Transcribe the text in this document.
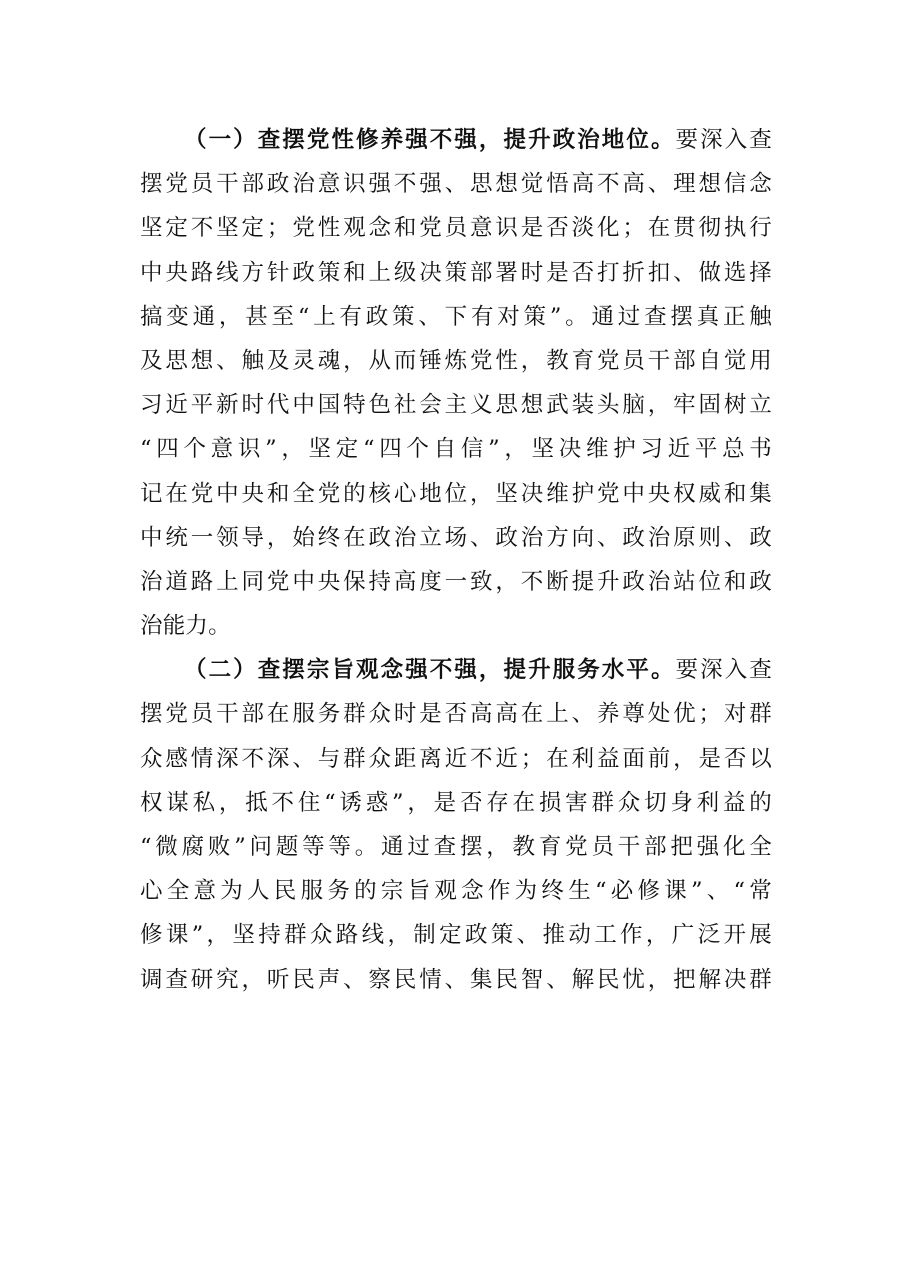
（一）查摆党性修养强不强，提升政治地位。要深入查
摆党员干部政治意识强不强、思想觉悟高不高、理想信念
坚定不坚定；党性观念和党员意识是否淡化；在贯彻执行
中央路线方针政策和上级决策部署时是否打折扣、做选择
搞变通，甚至“上有政策、下有对策”。通过查摆真正触
及思想、触及灵魂，从而锤炼党性，教育党员干部自觉用
习近平新时代中国特色社会主义思想武装头脑，牢固树立
“四个意识”，坚定“四个自信”，坚决维护习近平总书
记在党中央和全党的核心地位，坚决维护党中央权威和集
中统一领导，始终在政治立场、政治方向、政治原则、政
治道路上同党中央保持高度一致，不断提升政治站位和政
治能力。
（二）查摆宗旨观念强不强，提升服务水平。要深入查
摆党员干部在服务群众时是否高高在上、养尊处优；对群
众感情深不深、与群众距离近不近；在利益面前，是否以
权谋私，抵不住“诱惑”，是否存在损害群众切身利益的
“微腐败”问题等等。通过查摆，教育党员干部把强化全
心全意为人民服务的宗旨观念作为终生“必修课”、“常
修课”，坚持群众路线，制定政策、推动工作，广泛开展
调查研究，听民声、察民情、集民智、解民忧，把解决群
